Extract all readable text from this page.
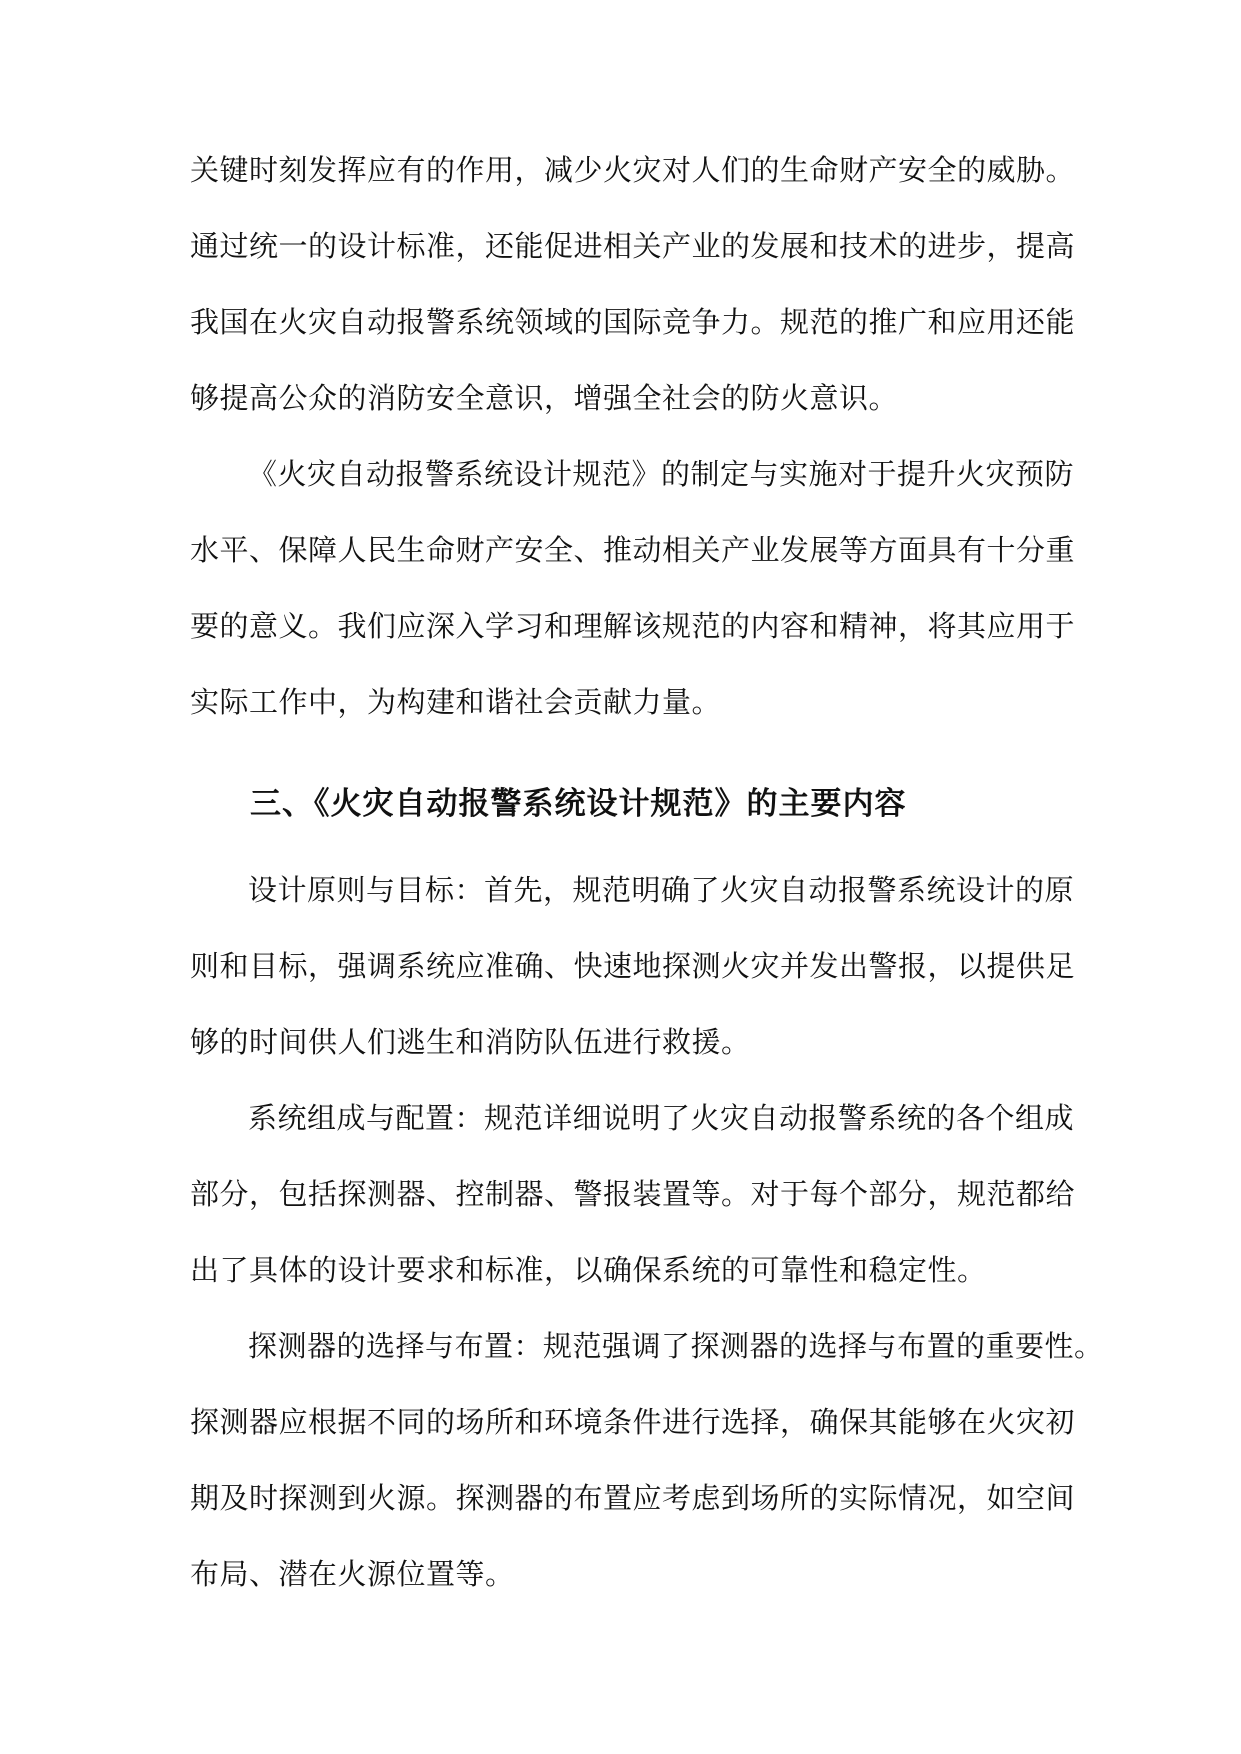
关键时刻发挥应有的作用，减少火灾对人们的生命财产安全的威胁。
通过统一的设计标准，还能促进相关产业的发展和技术的进步，提高
我国在火灾自动报警系统领域的国际竞争力。规范的推广和应用还能
够提高公众的消防安全意识，增强全社会的防火意识。
《火灾自动报警系统设计规范》的制定与实施对于提升火灾预防
水平、保障人民生命财产安全、推动相关产业发展等方面具有十分重
要的意义。我们应深入学习和理解该规范的内容和精神，将其应用于
实际工作中，为构建和谐社会贡献力量。
三、《火灾自动报警系统设计规范》的主要内容
设计原则与目标：首先，规范明确了火灾自动报警系统设计的原
则和目标，强调系统应准确、快速地探测火灾并发出警报，以提供足
够的时间供人们逃生和消防队伍进行救援。
系统组成与配置：规范详细说明了火灾自动报警系统的各个组成
部分，包括探测器、控制器、警报装置等。对于每个部分，规范都给
出了具体的设计要求和标准，以确保系统的可靠性和稳定性。
探测器的选择与布置：规范强调了探测器的选择与布置的重要性。
探测器应根据不同的场所和环境条件进行选择，确保其能够在火灾初
期及时探测到火源。探测器的布置应考虑到场所的实际情况，如空间
布局、潜在火源位置等。
